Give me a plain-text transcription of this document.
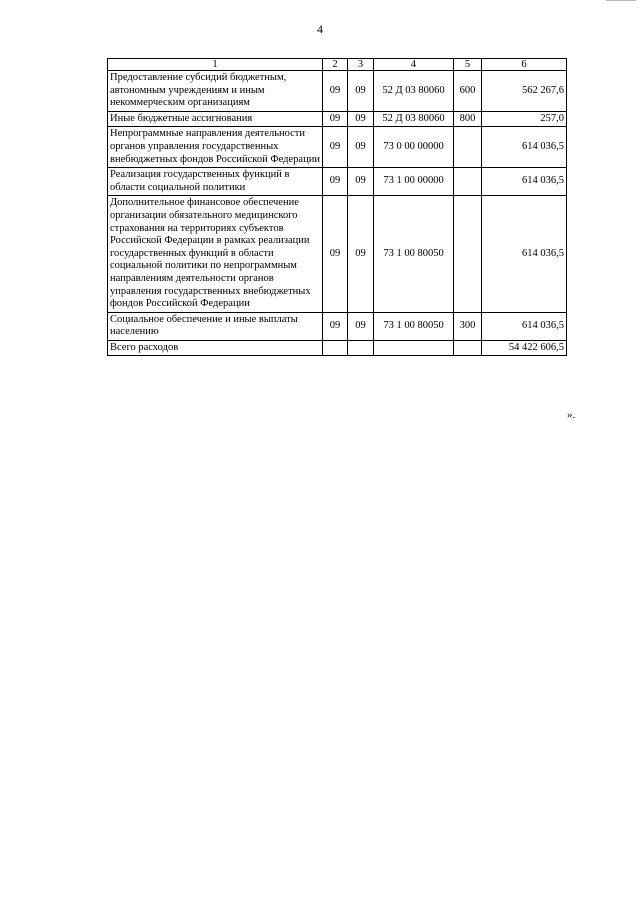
4
1	2	3	4	5	6
Предоставление субсидий бюджетным, автономным учреждениям и иным некоммерческим организациям	09	09	52 Д 03 80060	600	562 267,6
Иные бюджетные ассигнования	09	09	52 Д 03 80060	800	257,0
Непрограммные направления деятельности органов управления государственных внебюджетных фондов Российской Федерации	09	09	73 0 00 00000		614 036,5
Реализация государственных функций в области социальной политики	09	09	73 1 00 00000		614 036,5
Дополнительное финансовое обеспечение организации обязательного медицинского страхования на территориях субъектов Российской Федерации в рамках реализации государственных функций в области социальной политики по непрограммным направлениям деятельности органов управления государственных внебюджетных фондов Российской Федерации	09	09	73 1 00 80050		614 036,5
Социальное обеспечение и иные выплаты населению	09	09	73 1 00 80050	300	614 036,5
Всего расходов					54 422 606,5
».
